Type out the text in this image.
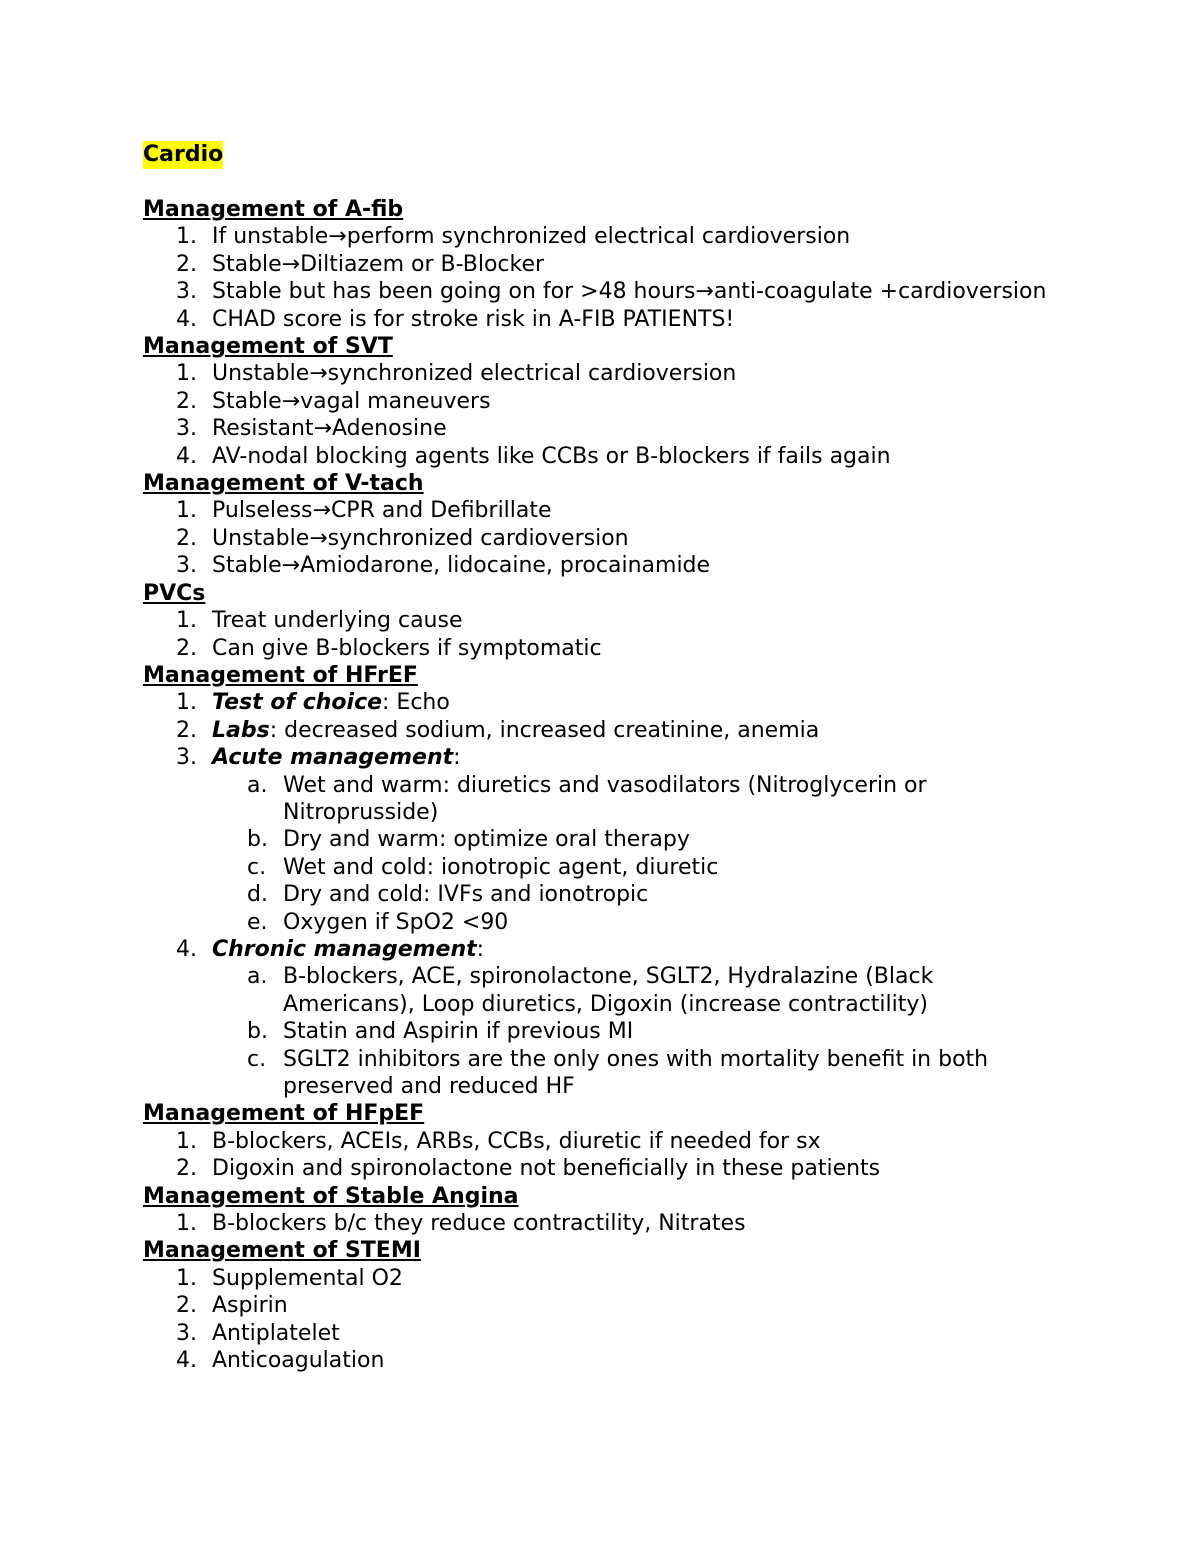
Cardio
Management of A-fib
1. If unstable→perform synchronized electrical cardioversion
2. Stable→Diltiazem or B-Blocker
3. Stable but has been going on for >48 hours→anti-coagulate +cardioversion
4. CHAD score is for stroke risk in A-FIB PATIENTS!
Management of SVT
1. Unstable→synchronized electrical cardioversion
2. Stable→vagal maneuvers
3. Resistant→Adenosine
4. AV-nodal blocking agents like CCBs or B-blockers if fails again
Management of V-tach
1. Pulseless→CPR and Defibrillate
2. Unstable→synchronized cardioversion
3. Stable→Amiodarone, lidocaine, procainamide
PVCs
1. Treat underlying cause
2. Can give B-blockers if symptomatic
Management of HFrEF
1. Test of choice: Echo
2. Labs: decreased sodium, increased creatinine, anemia
3. Acute management:
a. Wet and warm: diuretics and vasodilators (Nitroglycerin or Nitroprusside)
b. Dry and warm: optimize oral therapy
c. Wet and cold: ionotropic agent, diuretic
d. Dry and cold: IVFs and ionotropic
e. Oxygen if SpO2 <90
4. Chronic management:
a. B-blockers, ACE, spironolactone, SGLT2, Hydralazine (Black Americans), Loop diuretics, Digoxin (increase contractility)
b. Statin and Aspirin if previous MI
c. SGLT2 inhibitors are the only ones with mortality benefit in both preserved and reduced HF
Management of HFpEF
1. B-blockers, ACEIs, ARBs, CCBs, diuretic if needed for sx
2. Digoxin and spironolactone not beneficially in these patients
Management of Stable Angina
1. B-blockers b/c they reduce contractility, Nitrates
Management of STEMI
1. Supplemental O2
2. Aspirin
3. Antiplatelet
4. Anticoagulation
